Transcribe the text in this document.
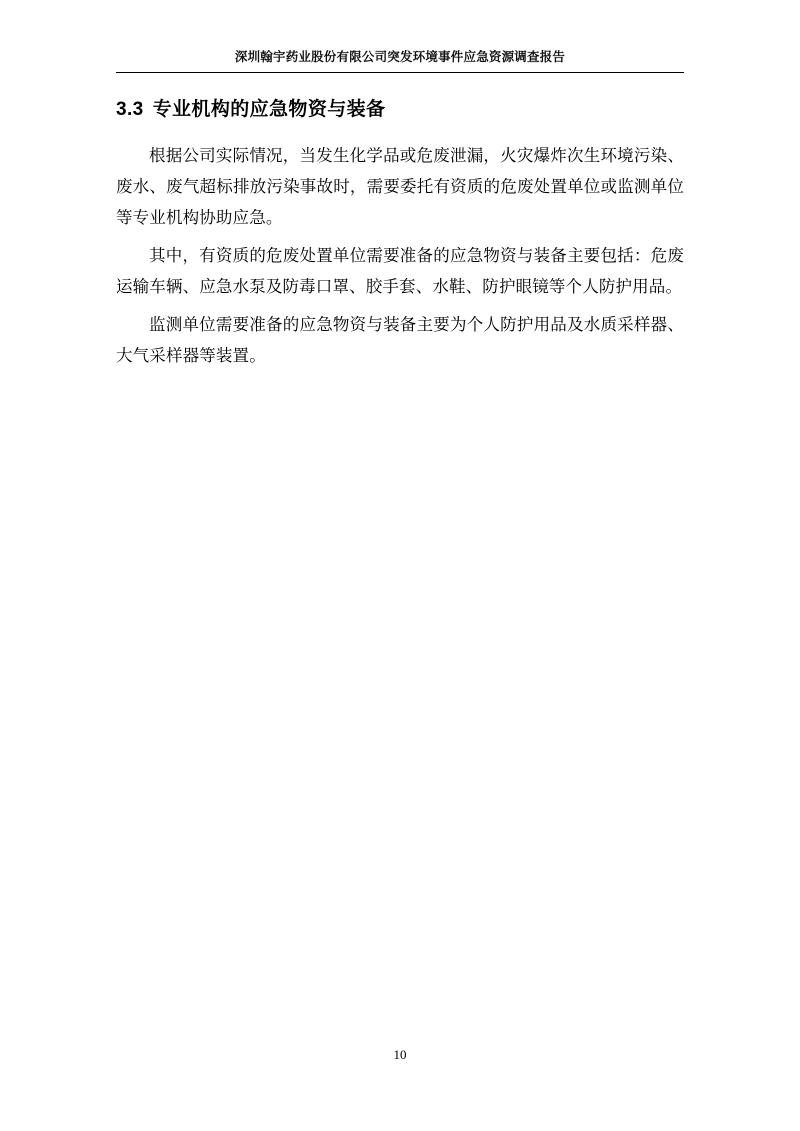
深圳翰宇药业股份有限公司突发环境事件应急资源调查报告
3.3 专业机构的应急物资与装备

根据公司实际情况，当发生化学品或危废泄漏，火灾爆炸次生环境污染、废水、废气超标排放污染事故时，需要委托有资质的危废处置单位或监测单位等专业机构协助应急。

其中，有资质的危废处置单位需要准备的应急物资与装备主要包括：危废运输车辆、应急水泵及防毒口罩、胶手套、水鞋、防护眼镜等个人防护用品。

监测单位需要准备的应急物资与装备主要为个人防护用品及水质采样器、大气采样器等装置。

10
